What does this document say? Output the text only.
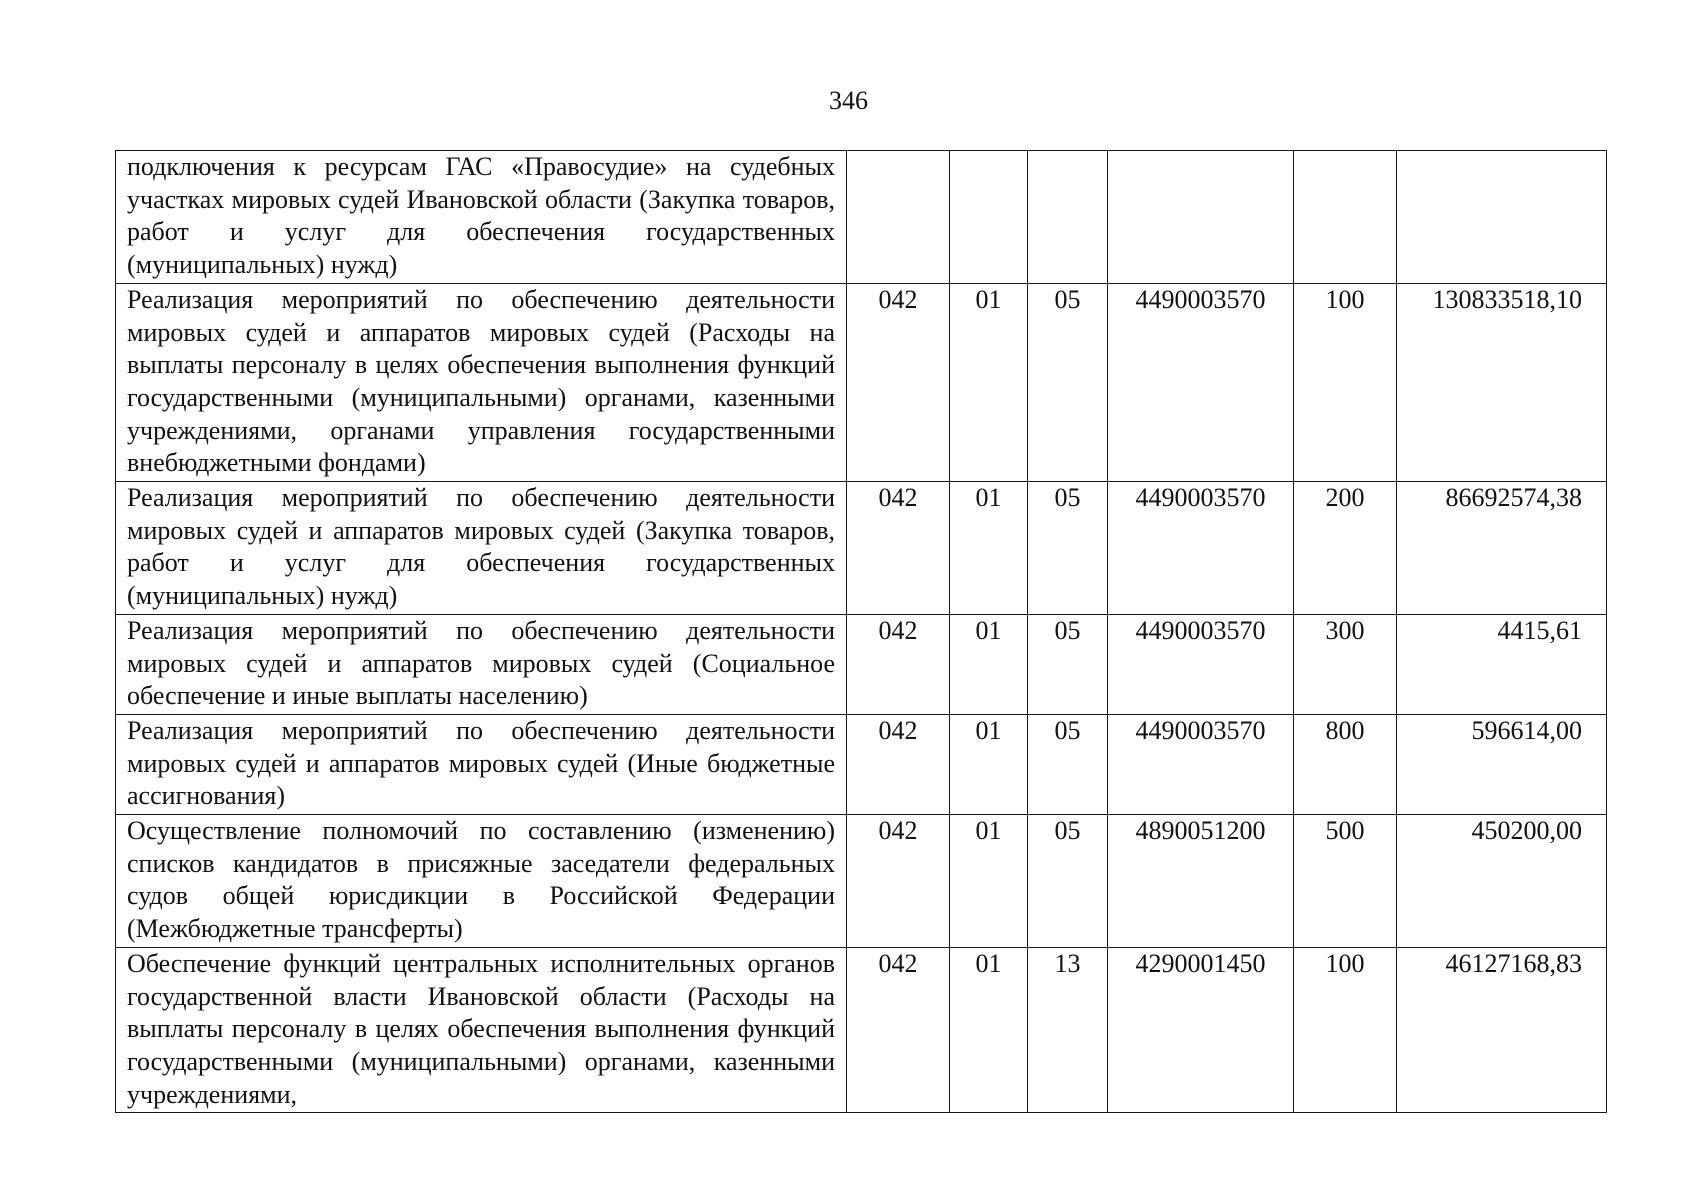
346
подключения к ресурсам ГАС «Правосудие» на судебных участках мировых судей Ивановской области (Закупка товаров, работ и услуг для обеспечения государственных (муниципальных) нужд)						
Реализация мероприятий по обеспечению деятельности мировых судей и аппаратов мировых судей (Расходы на выплаты персоналу в целях обеспечения выполнения функций государственными (муниципальными) органами, казенными учреждениями, органами управления государственными внебюджетными фондами)	042	01	05	4490003570	100	130833518,10
Реализация мероприятий по обеспечению деятельности мировых судей и аппаратов мировых судей (Закупка товаров, работ и услуг для обеспечения государственных (муниципальных) нужд)	042	01	05	4490003570	200	86692574,38
Реализация мероприятий по обеспечению деятельности мировых судей и аппаратов мировых судей (Социальное обеспечение и иные выплаты населению)	042	01	05	4490003570	300	4415,61
Реализация мероприятий по обеспечению деятельности мировых судей и аппаратов мировых судей (Иные бюджетные ассигнования)	042	01	05	4490003570	800	596614,00
Осуществление полномочий по составлению (изменению) списков кандидатов в присяжные заседатели федеральных судов общей юрисдикции в Российской Федерации (Межбюджетные трансферты)	042	01	05	4890051200	500	450200,00
Обеспечение функций центральных исполнительных органов государственной власти Ивановской области (Расходы на выплаты персоналу в целях обеспечения выполнения функций государственными (муниципальными) органами, казенными учреждениями,	042	01	13	4290001450	100	46127168,83
